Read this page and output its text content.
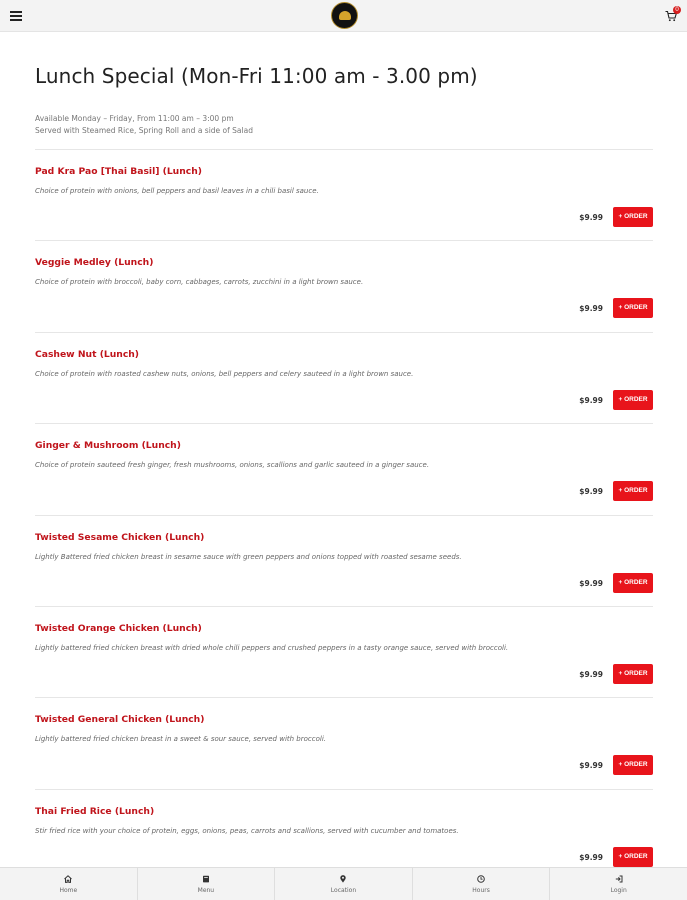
0
Lunch Special (Mon-Fri 11:00 am - 3.00 pm)
Available Monday – Friday, From 11:00 am – 3:00 pm
Served with Steamed Rice, Spring Roll and a side of Salad
Pad Kra Pao [Thai Basil] (Lunch)
Choice of protein with onions, bell peppers and basil leaves in a chili basil sauce.
$9.99	+ ORDER
Veggie Medley (Lunch)
Choice of protein with broccoli, baby corn, cabbages, carrots, zucchini in a light brown sauce.
$9.99	+ ORDER
Cashew Nut (Lunch)
Choice of protein with roasted cashew nuts, onions, bell peppers and celery sauteed in a light brown sauce.
$9.99	+ ORDER
Ginger & Mushroom (Lunch)
Choice of protein sauteed fresh ginger, fresh mushrooms, onions, scallions and garlic sauteed in a ginger sauce.
$9.99	+ ORDER
Twisted Sesame Chicken (Lunch)
Lightly Battered fried chicken breast in sesame sauce with green peppers and onions topped with roasted sesame seeds.
$9.99	+ ORDER
Twisted Orange Chicken (Lunch)
Lightly battered fried chicken breast with dried whole chili peppers and crushed peppers in a tasty orange sauce, served with broccoli.
$9.99	+ ORDER
Twisted General Chicken (Lunch)
Lightly battered fried chicken breast in a sweet & sour sauce, served with broccoli.
$9.99	+ ORDER
Thai Fried Rice (Lunch)
Stir fried rice with your choice of protein, eggs, onions, peas, carrots and scallions, served with cucumber and tomatoes.
$9.99	+ ORDER
Home	Menu	Location	Hours	Login
